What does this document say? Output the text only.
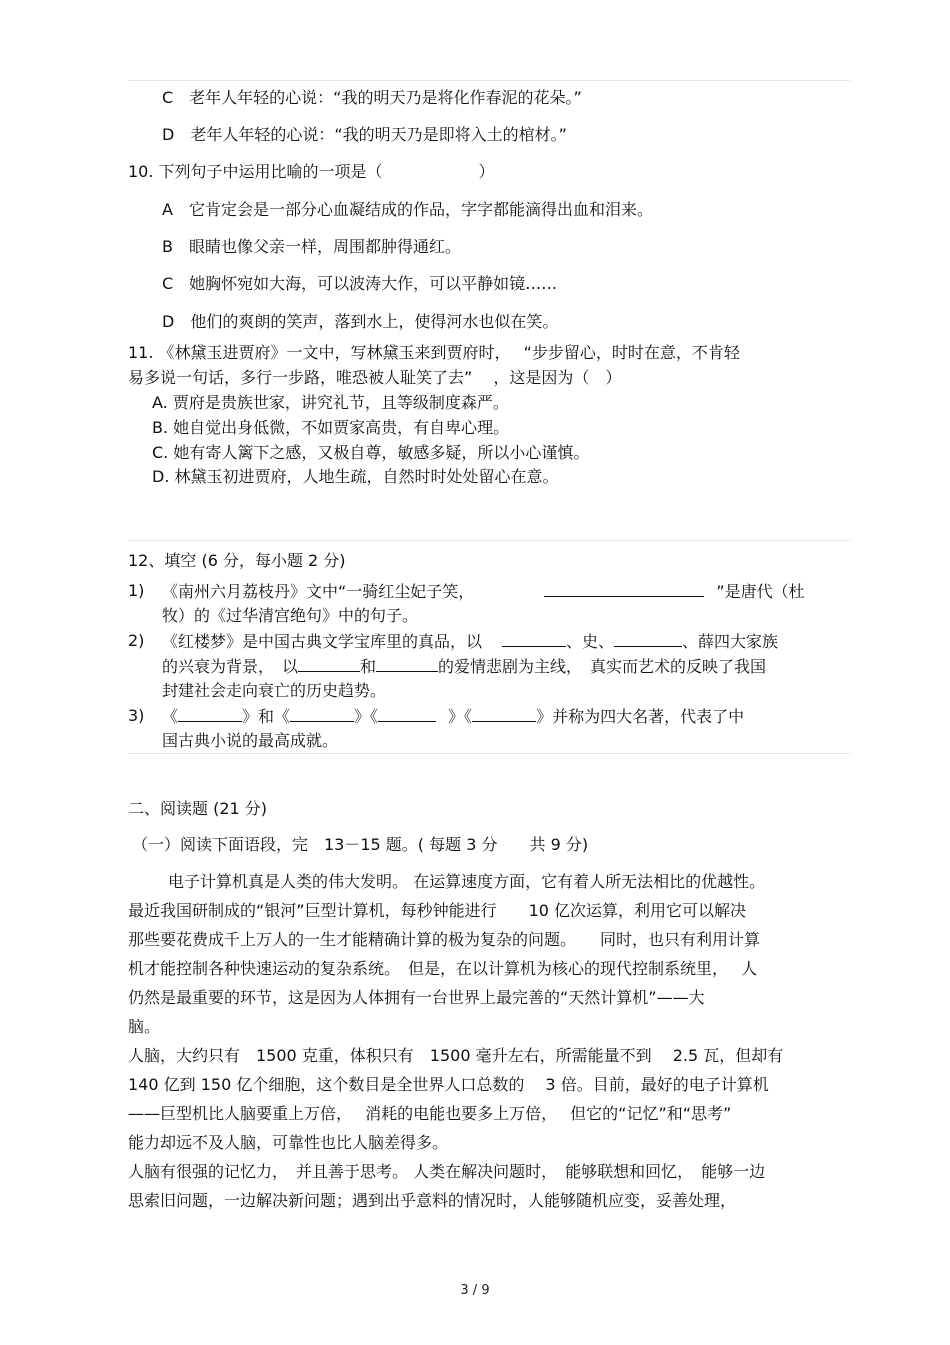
C　老年人年轻的心说：“我的明天乃是将化作春泥的花朵。”
D　老年人年轻的心说：“我的明天乃是即将入土的棺材。”
10. 下列句子中运用比喻的一项是（　　　　　　）
A　它肯定会是一部分心血凝结成的作品，字字都能滴得出血和泪来。
B　眼睛也像父亲一样，周围都肿得通红。
C　她胸怀宛如大海，可以波涛大作，可以平静如镜……
D　他们的爽朗的笑声，落到水上，使得河水也似在笑。
11. 《林黛玉进贾府》一文中，写林黛玉来到贾府时，　 “步步留心，时时在意，不肯轻
易多说一句话，多行一步路，唯恐被人耻笑了去”　 ，这是因为（　）
A. 贾府是贵族世家，讲究礼节，且等级制度森严。
B. 她自觉出身低微，不如贾家高贵，有自卑心理。
C. 她有寄人篱下之感，又极自尊，敏感多疑，所以小心谨慎。
D. 林黛玉初进贾府，人地生疏，自然时时处处留心在意。
12、填空 (6 分，每小题 2 分)
1) 《南州六月荔枝丹》文中“一骑红尘妃子笑，	”是唐代（杜
牧）的《过华清宫绝句》中的句子。
2) 《红楼梦》是中国古典文学宝库里的真品，以	、史、	、薛四大家族
的兴衰为背景，　以	和	的爱情悲剧为主线，　真实而艺术的反映了我国
封建社会走向衰亡的历史趋势。
3) 《	》和《	》《	》《	》并称为四大名著，代表了中
国古典小说的最高成就。
二、阅读题 (21 分)
（一）阅读下面语段，完　13－15 题。( 每题 3 分　　共 9 分)
电子计算机真是人类的伟大发明。 在运算速度方面，它有着人所无法相比的优越性。
最近我国研制成的“银河”巨型计算机，每秒钟能进行　　10 亿次运算，利用它可以解决
那些要花费成千上万人的一生才能精确计算的极为复杂的问题。　　同时，也只有利用计算
机才能控制各种快速运动的复杂系统。　但是，在以计算机为核心的现代控制系统里，　 人
仍然是最重要的环节，这是因为人体拥有一台世界上最完善的“天然计算机”——大
脑。
人脑，大约只有　1500 克重，体积只有　1500 毫升左右，所需能量不到　 2.5 瓦，但却有
140 亿到 150 亿个细胞，这个数目是全世界人口总数的　 3 倍。目前，最好的电子计算机
——巨型机比人脑要重上万倍，　 消耗的电能也要多上万倍，　 但它的“记忆”和“思考”
能力却远不及人脑，可靠性也比人脑差得多。
人脑有很强的记忆力，　并且善于思考。 人类在解决问题时，　能够联想和回忆，　能够一边
思索旧问题，一边解决新问题；遇到出乎意料的情况时，人能够随机应变，妥善处理，
3 / 9
